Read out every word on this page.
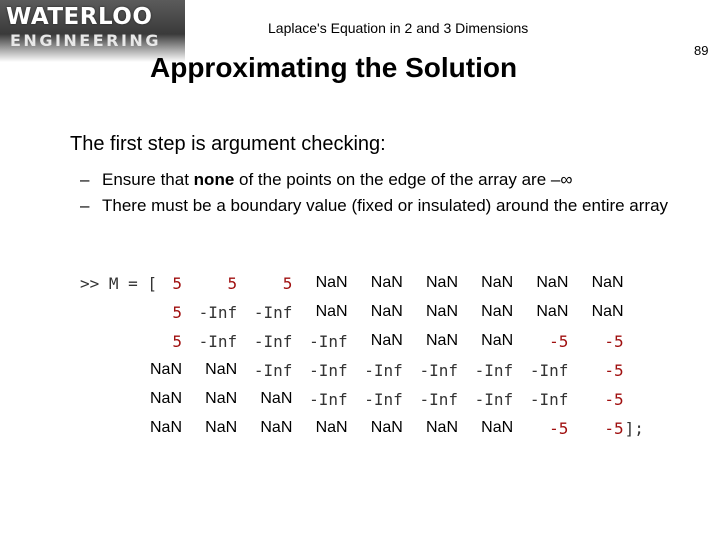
WATERLOO
ENGINEERING
Laplace's Equation in 2 and 3 Dimensions
89
Approximating the Solution
The first step is argument checking:
– Ensure that none of the points on the edge of the array are –∞
– There must be a boundary value (fixed or insulated) around the entire array
>> M = [ 5	5	5	NaN	NaN	NaN	NaN	NaN	NaN
5	-Inf	-Inf	NaN	NaN	NaN	NaN	NaN	NaN
5	-Inf	-Inf	-Inf	NaN	NaN	NaN	-5	-5
NaN	NaN	-Inf	-Inf	-Inf	-Inf	-Inf	-Inf	-5
NaN	NaN	NaN	-Inf	-Inf	-Inf	-Inf	-Inf	-5
NaN	NaN	NaN	NaN	NaN	NaN	NaN	-5	-5 ];
